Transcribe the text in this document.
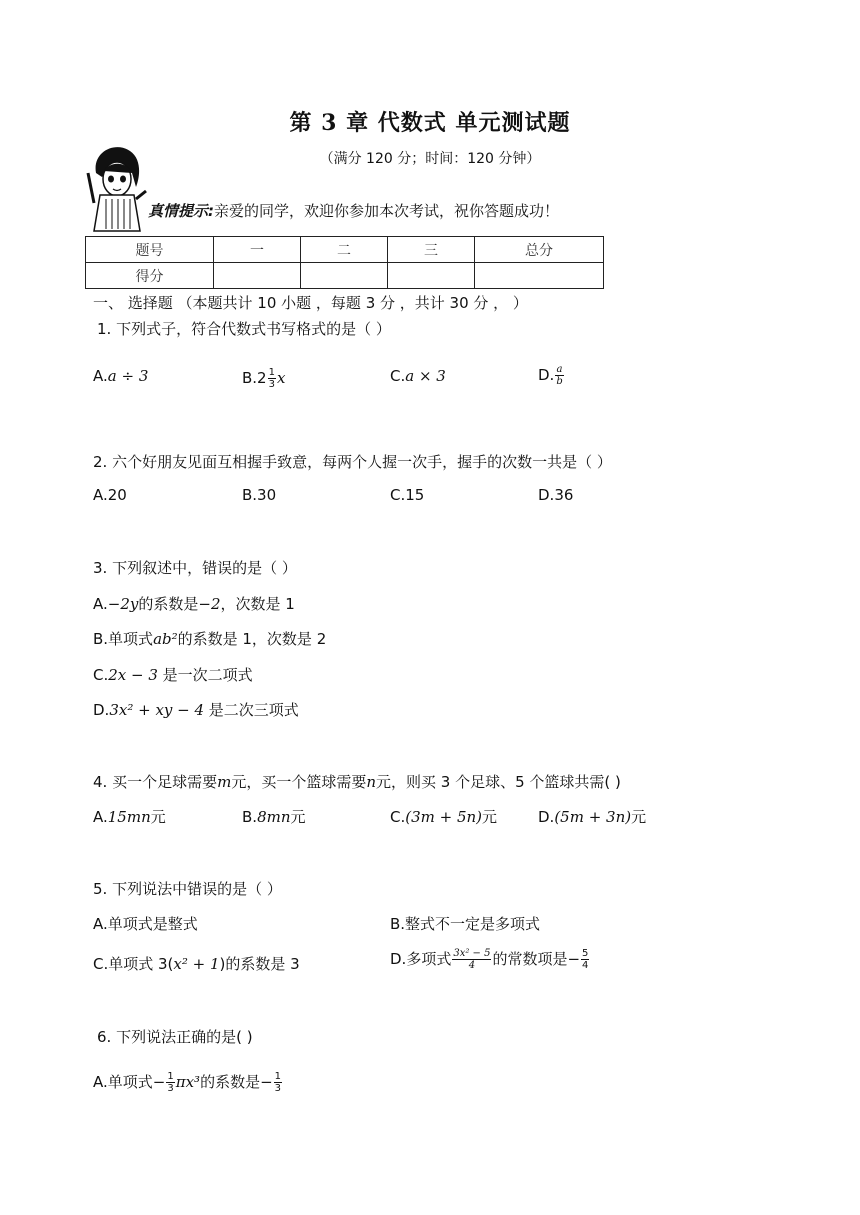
第 3 章 代数式 单元测试题
（满分 120 分；时间：120 分钟）
真情提示:亲爱的同学，欢迎你参加本次考试，祝你答题成功！
题号	一	二	三	总分
得分				
一、 选择题 （本题共计 10 小题 ，每题 3 分 ，共计 30 分 ， ）
1. 下列式子，符合代数式书写格式的是（ ）
A.a ÷ 3	$B.2 \frac{1}{3}$ x	C.a × 3	D. $\frac{a}{b}$
2. 六个好朋友见面互相握手致意，每两个人握一次手，握手的次数一共是（ ）
A.20	B.30	C.15	D.36
3. 下列叙述中，错误的是（ ）
A.−2y的系数是−2，次数是 1
B.单项式ab²的系数是 1，次数是 2
C.2x − 3 是一次二项式
D.3x² + xy − 4 是二次三项式
4. 买一个足球需要m元，买一个篮球需要n元，则买 3 个足球、5 个篮球共需( )
A.15mn元	B.8mn元	C.(3m + 5n)元	D.(5m + 3n)元
5. 下列说法中错误的是（ ）
A.单项式是整式	B.整式不一定是多项式
C.单项式 3(x² + 1)的系数是 3	D.多项式 $\frac{\text{3x² − 5}}{4}$ 的常数项是− $\frac{5}{4}$
6. 下列说法正确的是( )
A.单项式− $\frac{1}{3} \pi x^3$的系数是− $\frac{1}{3}$
